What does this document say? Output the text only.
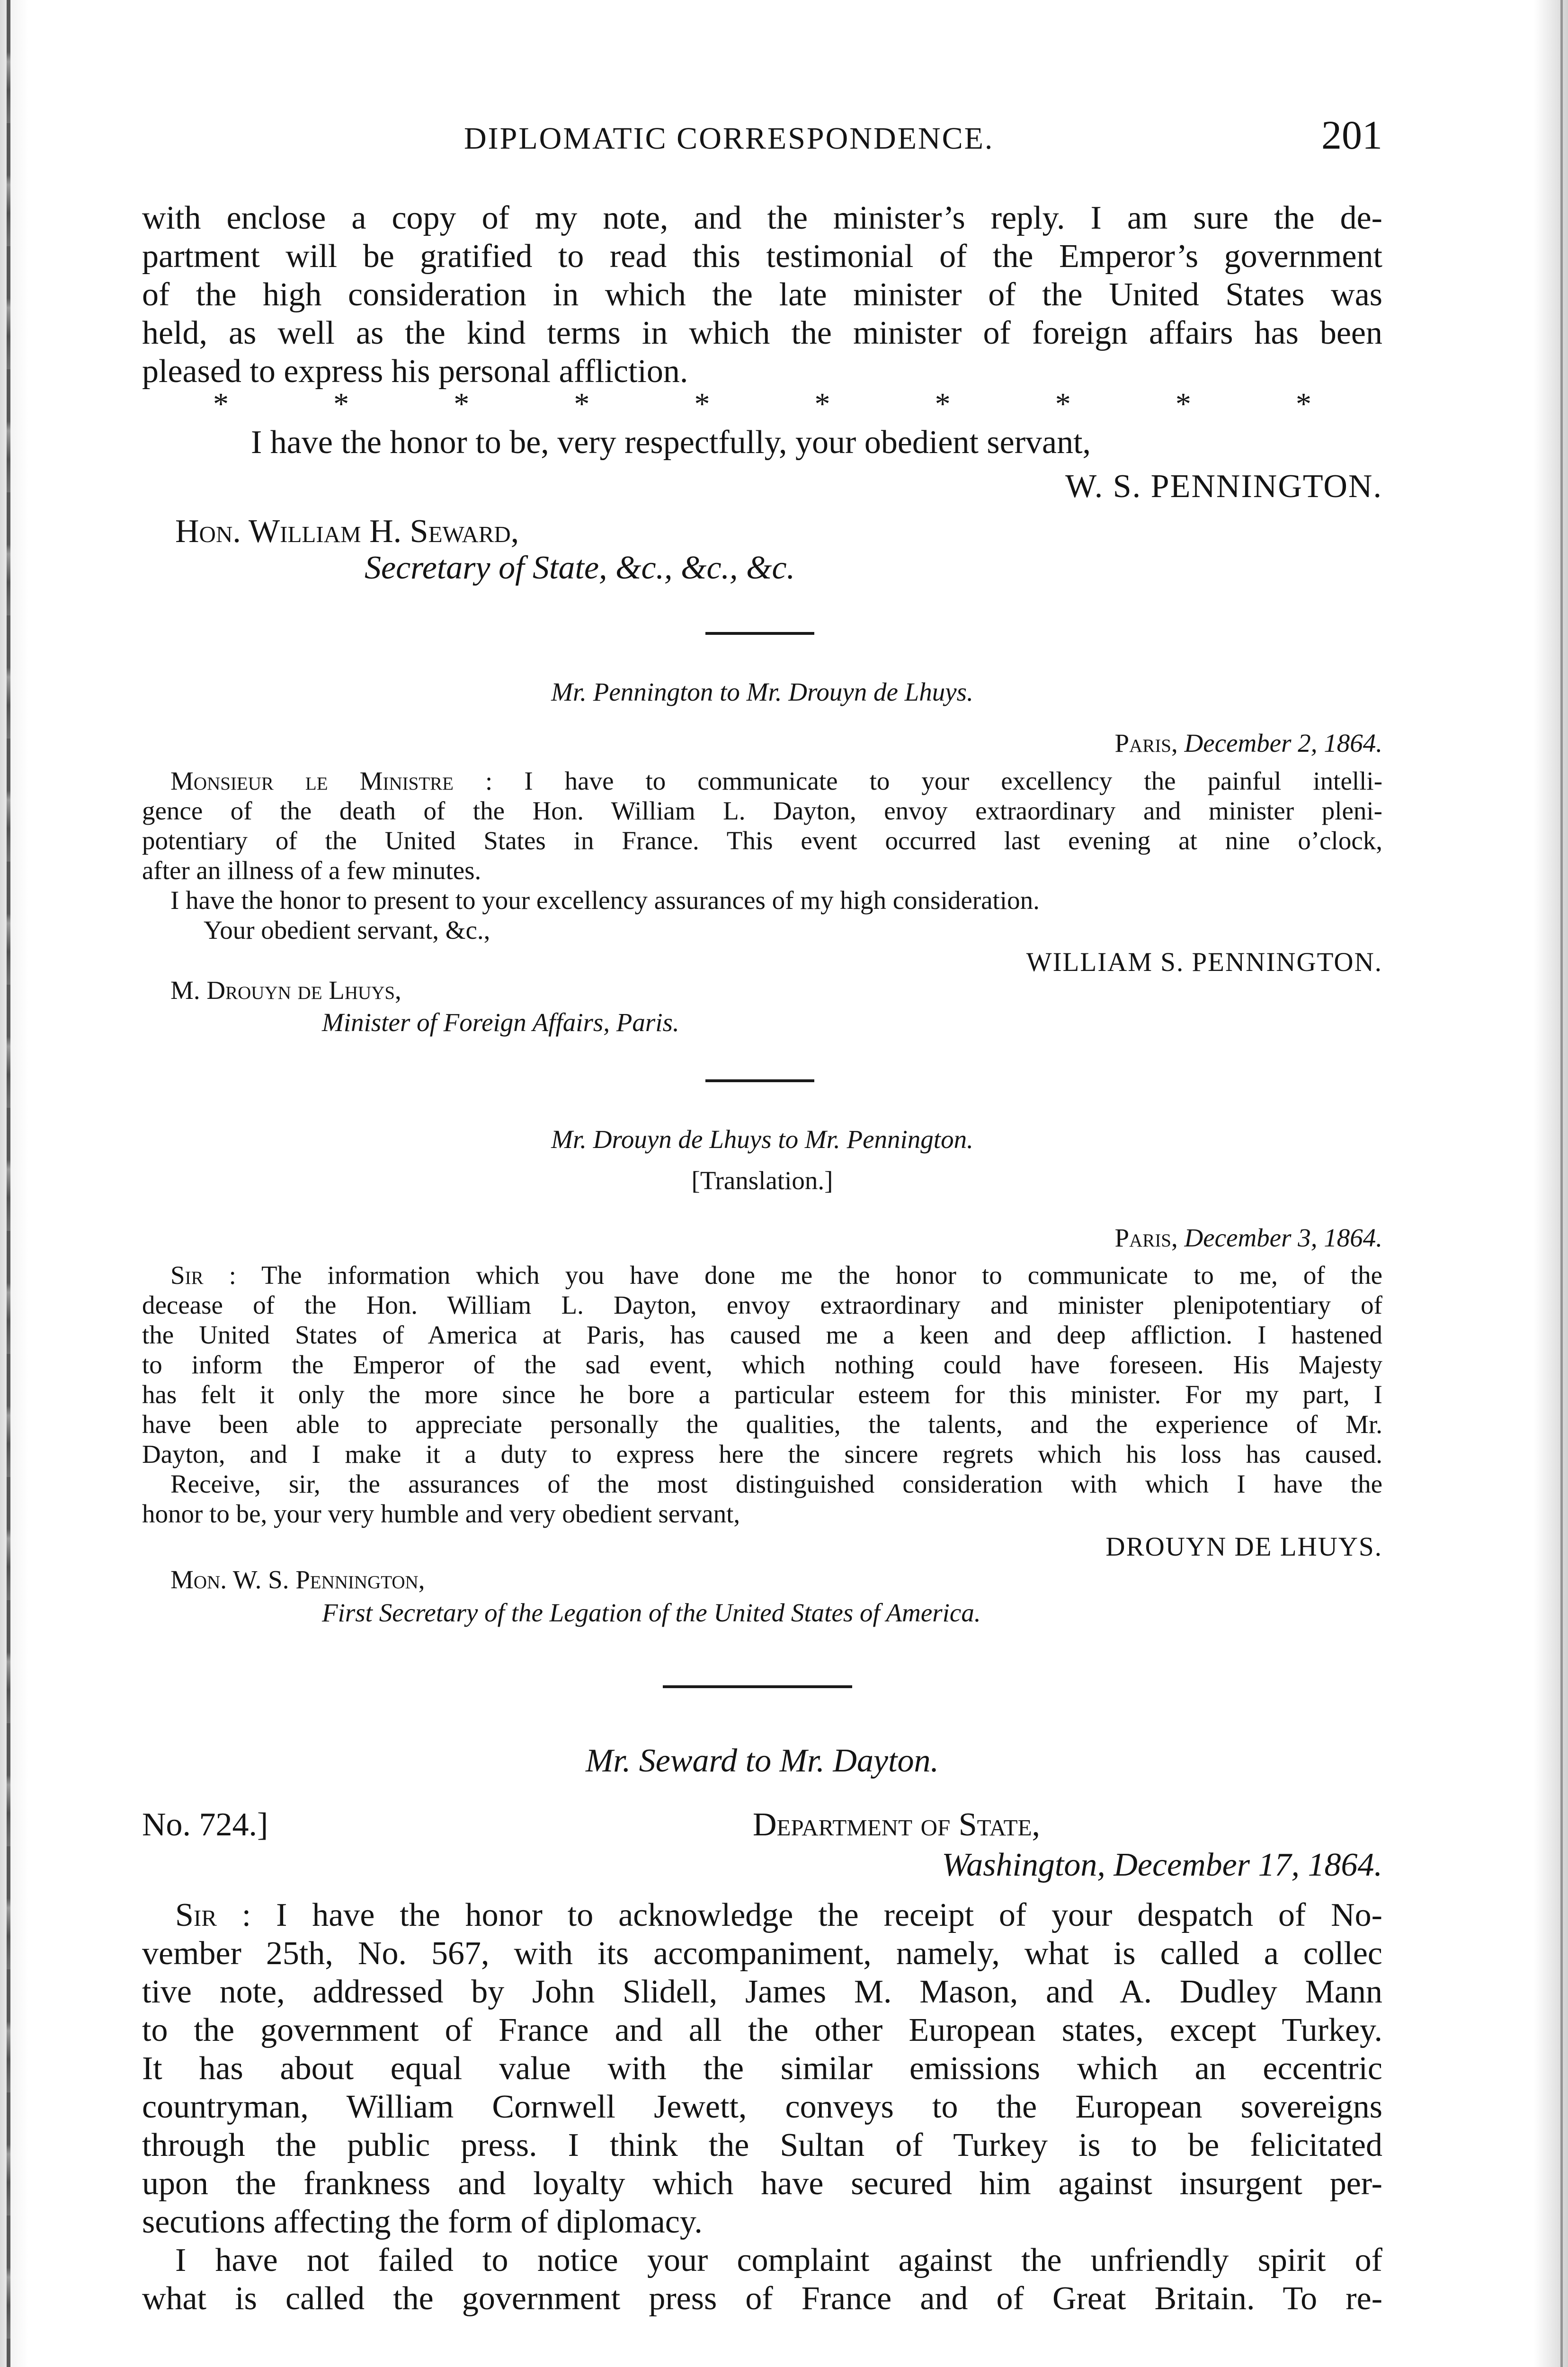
DIPLOMATIC CORRESPONDENCE.	201
with enclose a copy of my note, and the minister’s reply. I am sure the de-
partment will be gratified to read this testimonial of the Emperor’s government
of the high consideration in which the late minister of the United States was
held, as well as the kind terms in which the minister of foreign affairs has been
pleased to express his personal affliction.
*	*	*	*	*	*	*	*	*	*
I have the honor to be, very respectfully, your obedient servant,
W. S. PENNINGTON.
Hon. William H. Seward,
Secretary of State, &c., &c., &c.
Mr. Pennington to Mr. Drouyn de Lhuys.
Paris, December 2, 1864.
Monsieur le Ministre : I have to communicate to your excellency the painful intelli-
gence of the death of the Hon. William L. Dayton, envoy extraordinary and minister pleni-
potentiary of the United States in France. This event occurred last evening at nine o’clock,
after an illness of a few minutes.
I have the honor to present to your excellency assurances of my high consideration.
Your obedient servant, &c.,
WILLIAM S. PENNINGTON.
M. Drouyn de Lhuys,
Minister of Foreign Affairs, Paris.
Mr. Drouyn de Lhuys to Mr. Pennington.
[Translation.]
Paris, December 3, 1864.
Sir : The information which you have done me the honor to communicate to me, of the
decease of the Hon. William L. Dayton, envoy extraordinary and minister plenipotentiary of
the United States of America at Paris, has caused me a keen and deep affliction. I hastened
to inform the Emperor of the sad event, which nothing could have foreseen. His Majesty
has felt it only the more since he bore a particular esteem for this minister. For my part, I
have been able to appreciate personally the qualities, the talents, and the experience of Mr.
Dayton, and I make it a duty to express here the sincere regrets which his loss has caused.
Receive, sir, the assurances of the most distinguished consideration with which I have the
honor to be, your very humble and very obedient servant,
DROUYN DE LHUYS.
Mon. W. S. Pennington,
First Secretary of the Legation of the United States of America.
Mr. Seward to Mr. Dayton.
No. 724.]	Department of State,
Washington, December 17, 1864.
Sir : I have the honor to acknowledge the receipt of your despatch of No-
vember 25th, No. 567, with its accompaniment, namely, what is called a collec
tive note, addressed by John Slidell, James M. Mason, and A. Dudley Mann
to the government of France and all the other European states, except Turkey.
It has about equal value with the similar emissions which an eccentric
countryman, William Cornwell Jewett, conveys to the European sovereigns
through the public press. I think the Sultan of Turkey is to be felicitated
upon the frankness and loyalty which have secured him against insurgent per-
secutions affecting the form of diplomacy.
I have not failed to notice your complaint against the unfriendly spirit of
what is called the government press of France and of Great Britain. To re-
